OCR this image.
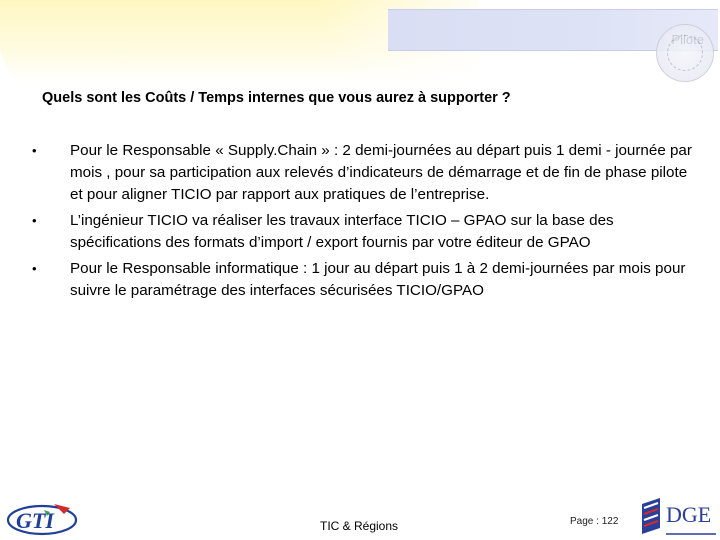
Quels sont les Coûts / Temps internes que vous aurez à supporter ?
•	Pour le Responsable « Supply.Chain » : 2 demi-journées au départ puis 1 demi - journée par mois , pour sa participation aux relevés d’indicateurs de démarrage et de fin de phase pilote et pour aligner TICIO par rapport aux pratiques de l’entreprise.
•	L’ingénieur TICIO va réaliser les travaux interface TICIO – GPAO sur la base des spécifications des formats d’import / export fournis par votre éditeur de GPAO
•	Pour le Responsable informatique : 1 jour au départ puis 1 à 2 demi-journées par mois pour suivre le paramétrage des interfaces sécurisées TICIO/GPAO
GTI	TIC & Régions	Page : 122 DGE
